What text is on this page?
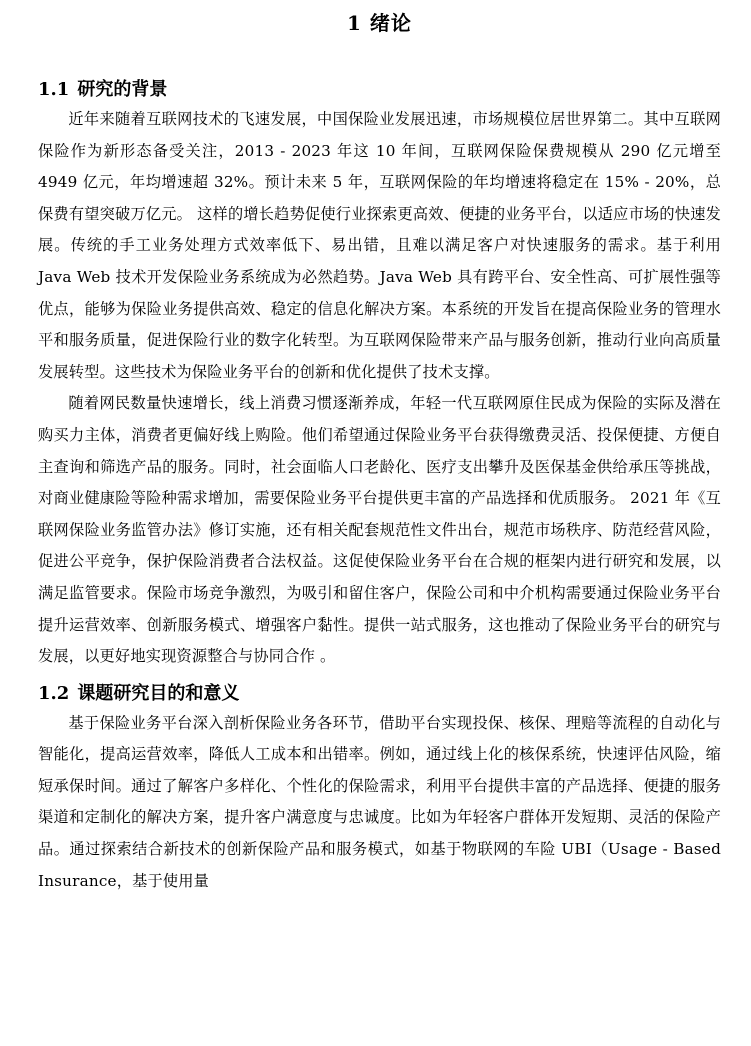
1 绪论
1.1 研究的背景

近年来随着互联网技术的飞速发展，中国保险业发展迅速，市场规模位居世界第二。其中互联网保险作为新形态备受关注，2013 - 2023 年这 10 年间，互联网保险保费规模从 290 亿元增至 4949 亿元，年均增速超 32%。预计未来 5 年，互联网保险的年均增速将稳定在 15% - 20%，总保费有望突破万亿元。 这样的增长趋势促使行业探索更高效、便捷的业务平台，以适应市场的快速发展。传统的手工业务处理方式效率低下、易出错，且难以满足客户对快速服务的需求。基于利用 Java Web 技术开发保险业务系统成为必然趋势。Java Web 具有跨平台、安全性高、可扩展性强等优点，能够为保险业务提供高效、稳定的信息化解决方案。本系统的开发旨在提高保险业务的管理水平和服务质量，促进保险行业的数字化转型。为互联网保险带来产品与服务创新，推动行业向高质量发展转型。这些技术为保险业务平台的创新和优化提供了技术支撑。

随着网民数量快速增长，线上消费习惯逐渐养成，年轻一代互联网原住民成为保险的实际及潜在购买力主体，消费者更偏好线上购险。他们希望通过保险业务平台获得缴费灵活、投保便捷、方便自主查询和筛选产品的服务。同时，社会面临人口老龄化、医疗支出攀升及医保基金供给承压等挑战，对商业健康险等险种需求增加，需要保险业务平台提供更丰富的产品选择和优质服务。 2021 年《互联网保险业务监管办法》修订实施，还有相关配套规范性文件出台，规范市场秩序、防范经营风险，促进公平竞争，保护保险消费者合法权益。这促使保险业务平台在合规的框架内进行研究和发展，以满足监管要求。保险市场竞争激烈，为吸引和留住客户，保险公司和中介机构需要通过保险业务平台提升运营效率、创新服务模式、增强客户黏性。提供一站式服务，这也推动了保险业务平台的研究与发展，以更好地实现资源整合与协同合作 。

1.2 课题研究目的和意义

基于保险业务平台深入剖析保险业务各环节，借助平台实现投保、核保、理赔等流程的自动化与智能化，提高运营效率，降低人工成本和出错率。例如，通过线上化的核保系统，快速评估风险，缩短承保时间。通过了解客户多样化、个性化的保险需求，利用平台提供丰富的产品选择、便捷的服务渠道和定制化的解决方案，提升客户满意度与忠诚度。比如为年轻客户群体开发短期、灵活的保险产品。通过探索结合新技术的创新保险产品和服务模式，如基于物联网的车险 UBI（Usage - Based Insurance，基于使用量
